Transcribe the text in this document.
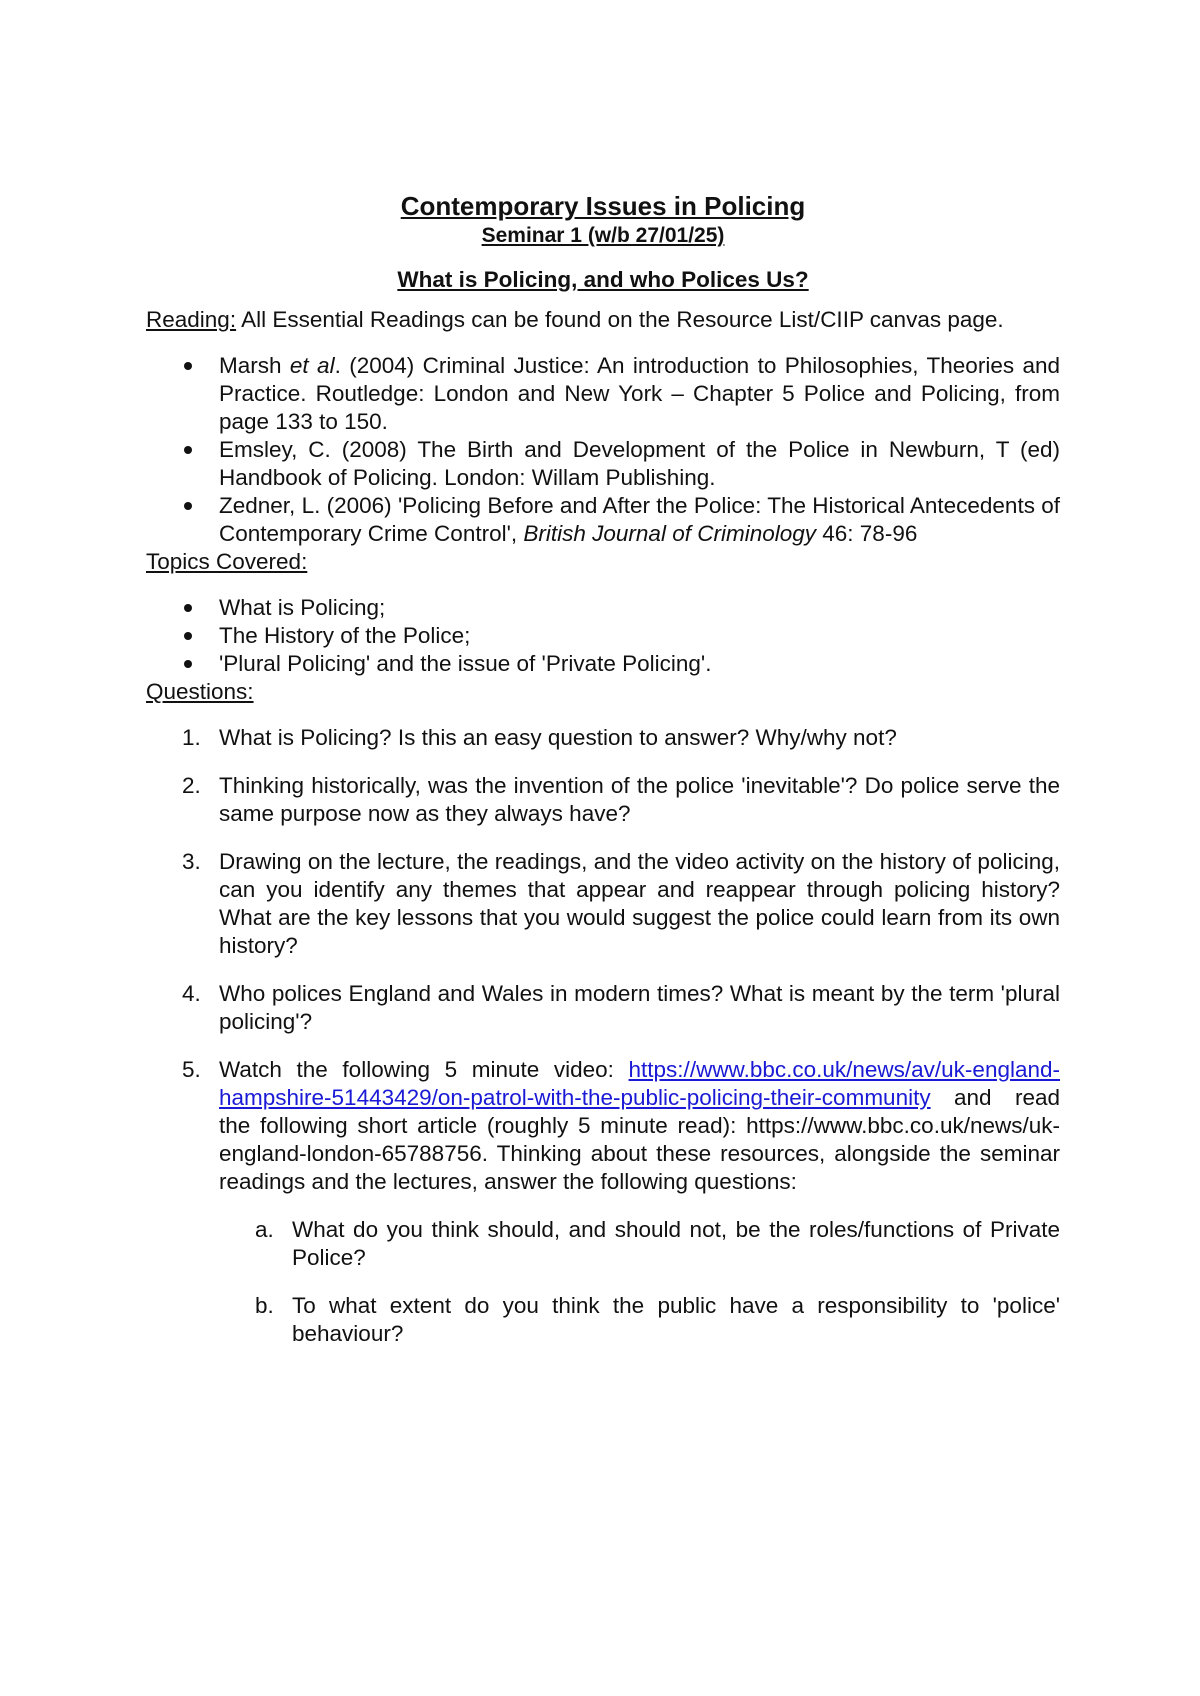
Contemporary Issues in Policing

Seminar 1 (w/b 27/01/25)

What is Policing, and who Polices Us?

Reading: All Essential Readings can be found on the Resource List/CIIP canvas page.

Marsh et al. (2004) Criminal Justice: An introduction to Philosophies, Theories and Practice. Routledge: London and New York – Chapter 5 Police and Policing, from page 133 to 150.
Emsley, C. (2008) The Birth and Development of the Police in Newburn, T (ed) Handbook of Policing. London: Willam Publishing.
Zedner, L. (2006) 'Policing Before and After the Police: The Historical Antecedents of Contemporary Crime Control', British Journal of Criminology 46: 78-96

Topics Covered:

What is Policing;
The History of the Police;
'Plural Policing' and the issue of 'Private Policing'.

Questions:

1. What is Policing? Is this an easy question to answer? Why/why not?
2. Thinking historically, was the invention of the police 'inevitable'? Do police serve the same purpose now as they always have?
3. Drawing on the lecture, the readings, and the video activity on the history of policing, can you identify any themes that appear and reappear through policing history? What are the key lessons that you would suggest the police could learn from its own history?
4. Who polices England and Wales in modern times? What is meant by the term 'plural policing'?
5. Watch the following 5 minute video: https://www.bbc.co.uk/news/av/uk-england-hampshire-51443429/on-patrol-with-the-public-policing-their-community and read the following short article (roughly 5 minute read): https://www.bbc.co.uk/news/uk-england-london-65788756. Thinking about these resources, alongside the seminar readings and the lectures, answer the following questions:
a. What do you think should, and should not, be the roles/functions of Private Police?
b. To what extent do you think the public have a responsibility to 'police' behaviour?
